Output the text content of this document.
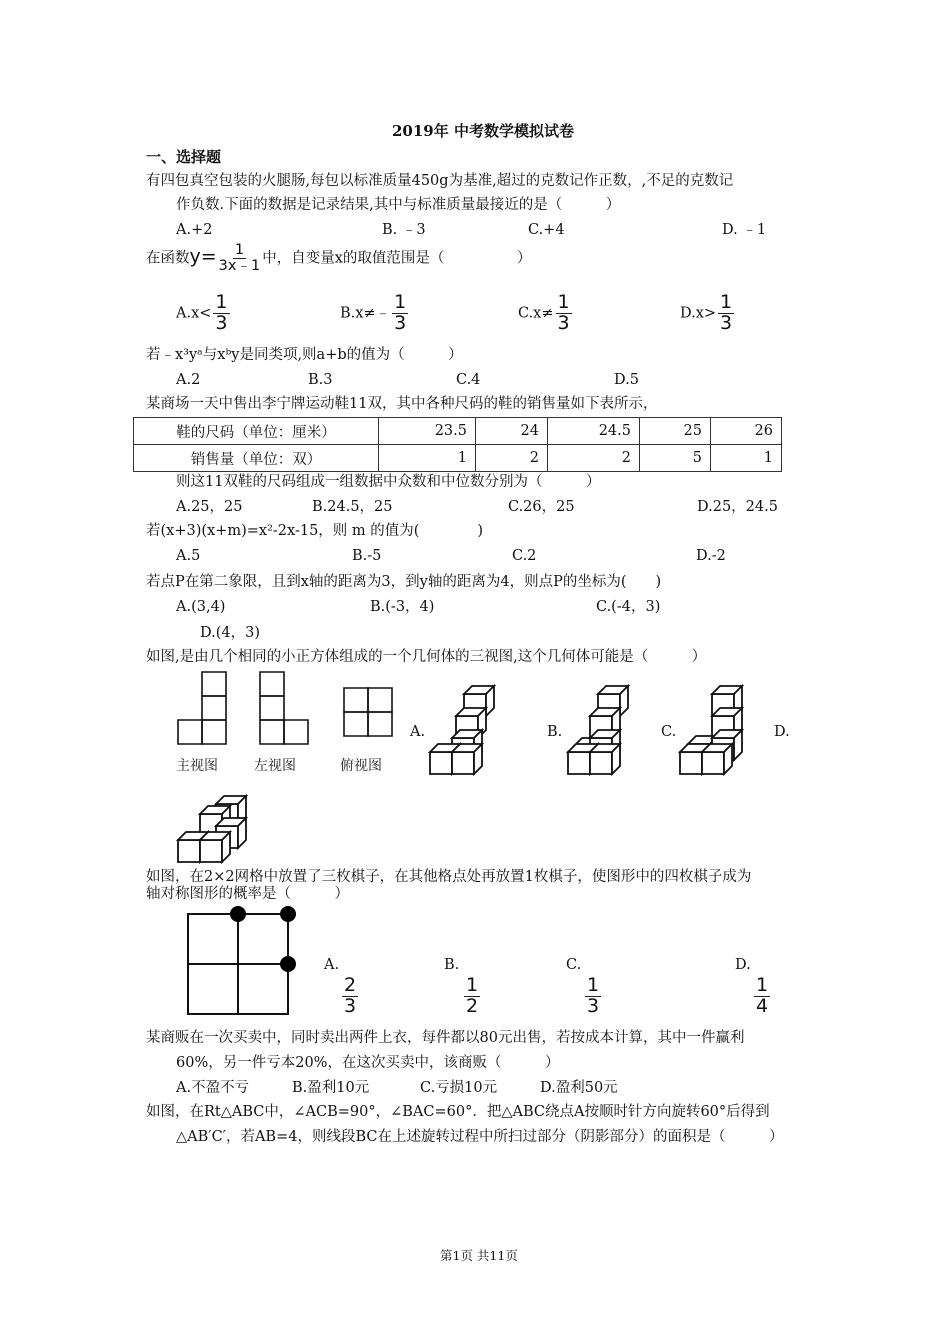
2019年 中考数学模拟试卷
一、选择题
有四包真空包装的火腿肠,每包以标准质量450g为基准,超过的克数记作正数，,不足的克数记
作负数.下面的数据是记录结果,其中与标准质量最接近的是（　　　）
A.+2	B. ﹣3	C.+4	D. ﹣1
在函数$y= \frac{1}{3x﹣1}$ 中，自变量x的取值范围是（　　　　　）
$A.x< \frac{1}{3}$	B.x≠﹣ $\frac{1}{3}$	$C.x\ne \frac{1}{3}$	$D.x> \frac{1}{3}$
若﹣x³yᵃ与xᵇy是同类项,则a+b的值为（　　　）
A.2	B.3	C.4	D.5
某商场一天中售出李宁牌运动鞋11双，其中各种尺码的鞋的销售量如下表所示，
鞋的尺码（单位：厘米）	23.5	24	24.5	25	26
销售量（单位：双）	1	2	2	5	1
则这11双鞋的尺码组成一组数据中众数和中位数分别为（　　　）
A.25，25	B.24.5，25	C.26，25	D.25，24.5
若(x+3)(x+m)=x²-2x-15，则 m 的值为(　　　　)
A.5	B.-5	C.2	D.-2
若点P在第二象限，且到x轴的距离为3，到y轴的距离为4，则点P的坐标为(　　)
A.(3,4)	B.(-3，4)	C.(-4，3)
D.(4，3)
如图,是由几个相同的小正方体组成的一个几何体的三视图,这个几何体可能是（　　　）
主视图	左视图	俯视图
A.	B.	C.	D.
如图，在2×2网格中放置了三枚棋子，在其他格点处再放置1枚棋子，使图形中的四枚棋子成为
轴对称图形的概率是（　　　）
A.	B.	C.	D.
$\frac{2}{3}$	$\frac{1}{2}$	$\frac{1}{3}$	$\frac{1}{4}$
某商贩在一次买卖中，同时卖出两件上衣，每件都以80元出售，若按成本计算，其中一件赢利
60%，另一件亏本20%，在这次买卖中，该商贩（　　　）
A.不盈不亏	B.盈利10元	C.亏损10元	D.盈利50元
如图，在Rt△ABC中，∠ACB=90°，∠BAC=60°．把△ABC绕点A按顺时针方向旋转60°后得到
△AB′C′，若AB=4，则线段BC在上述旋转过程中所扫过部分（阴影部分）的面积是（　　　）
第1页 共11页
